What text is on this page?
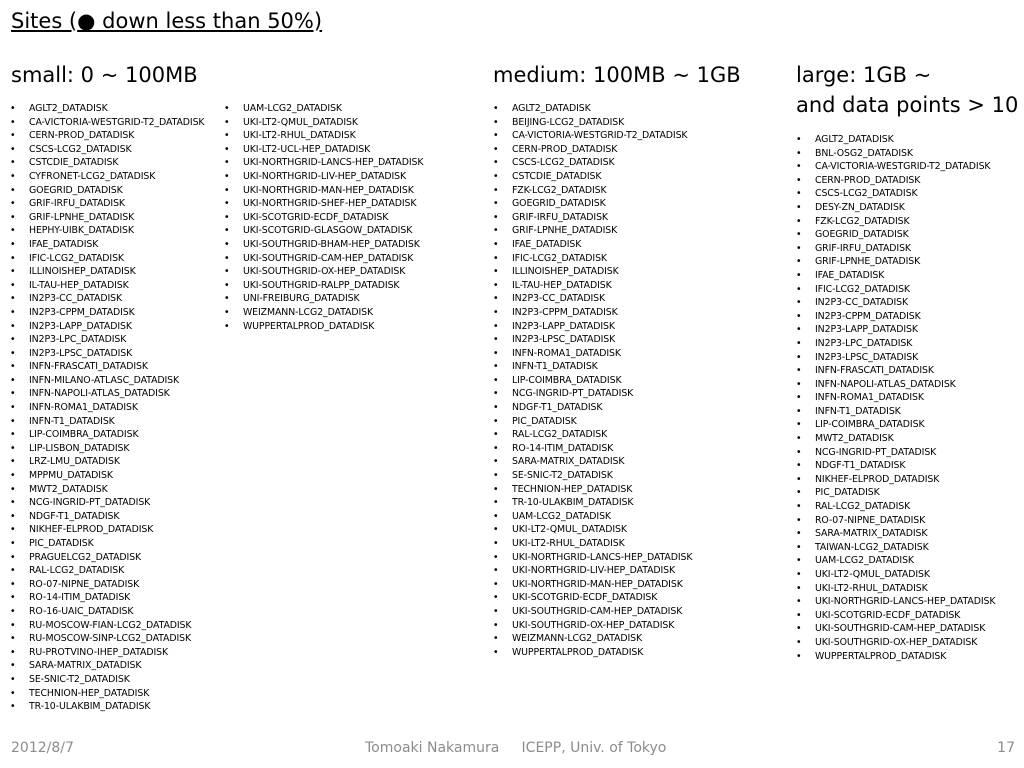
Sites (● down less than 50%)
small: 0 ~ 100MB	medium: 100MB ~ 1GB	large: 1GB ~
and data points > 10
• AGLT2_DATADISK
• CA-VICTORIA-WESTGRID-T2_DATADISK
• CERN-PROD_DATADISK
• CSCS-LCG2_DATADISK
• CSTCDIE_DATADISK
• CYFRONET-LCG2_DATADISK
• GOEGRID_DATADISK
• GRIF-IRFU_DATADISK
• GRIF-LPNHE_DATADISK
• HEPHY-UIBK_DATADISK
• IFAE_DATADISK
• IFIC-LCG2_DATADISK
• ILLINOISHEP_DATADISK
• IL-TAU-HEP_DATADISK
• IN2P3-CC_DATADISK
• IN2P3-CPPM_DATADISK
• IN2P3-LAPP_DATADISK
• IN2P3-LPC_DATADISK
• IN2P3-LPSC_DATADISK
• INFN-FRASCATI_DATADISK
• INFN-MILANO-ATLASC_DATADISK
• INFN-NAPOLI-ATLAS_DATADISK
• INFN-ROMA1_DATADISK
• INFN-T1_DATADISK
• LIP-COIMBRA_DATADISK
• LIP-LISBON_DATADISK
• LRZ-LMU_DATADISK
• MPPMU_DATADISK
• MWT2_DATADISK
• NCG-INGRID-PT_DATADISK
• NDGF-T1_DATADISK
• NIKHEF-ELPROD_DATADISK
• PIC_DATADISK
• PRAGUELCG2_DATADISK
• RAL-LCG2_DATADISK
• RO-07-NIPNE_DATADISK
• RO-14-ITIM_DATADISK
• RO-16-UAIC_DATADISK
• RU-MOSCOW-FIAN-LCG2_DATADISK
• RU-MOSCOW-SINP-LCG2_DATADISK
• RU-PROTVINO-IHEP_DATADISK
• SARA-MATRIX_DATADISK
• SE-SNIC-T2_DATADISK
• TECHNION-HEP_DATADISK
• TR-10-ULAKBIM_DATADISK
• UAM-LCG2_DATADISK
• UKI-LT2-QMUL_DATADISK
• UKI-LT2-RHUL_DATADISK
• UKI-LT2-UCL-HEP_DATADISK
• UKI-NORTHGRID-LANCS-HEP_DATADISK
• UKI-NORTHGRID-LIV-HEP_DATADISK
• UKI-NORTHGRID-MAN-HEP_DATADISK
• UKI-NORTHGRID-SHEF-HEP_DATADISK
• UKI-SCOTGRID-ECDF_DATADISK
• UKI-SCOTGRID-GLASGOW_DATADISK
• UKI-SOUTHGRID-BHAM-HEP_DATADISK
• UKI-SOUTHGRID-CAM-HEP_DATADISK
• UKI-SOUTHGRID-OX-HEP_DATADISK
• UKI-SOUTHGRID-RALPP_DATADISK
• UNI-FREIBURG_DATADISK
• WEIZMANN-LCG2_DATADISK
• WUPPERTALPROD_DATADISK
• AGLT2_DATADISK
• BEIJING-LCG2_DATADISK
• CA-VICTORIA-WESTGRID-T2_DATADISK
• CERN-PROD_DATADISK
• CSCS-LCG2_DATADISK
• CSTCDIE_DATADISK
• FZK-LCG2_DATADISK
• GOEGRID_DATADISK
• GRIF-IRFU_DATADISK
• GRIF-LPNHE_DATADISK
• IFAE_DATADISK
• IFIC-LCG2_DATADISK
• ILLINOISHEP_DATADISK
• IL-TAU-HEP_DATADISK
• IN2P3-CC_DATADISK
• IN2P3-CPPM_DATADISK
• IN2P3-LAPP_DATADISK
• IN2P3-LPSC_DATADISK
• INFN-ROMA1_DATADISK
• INFN-T1_DATADISK
• LIP-COIMBRA_DATADISK
• NCG-INGRID-PT_DATADISK
• NDGF-T1_DATADISK
• PIC_DATADISK
• RAL-LCG2_DATADISK
• RO-14-ITIM_DATADISK
• SARA-MATRIX_DATADISK
• SE-SNIC-T2_DATADISK
• TECHNION-HEP_DATADISK
• TR-10-ULAKBIM_DATADISK
• UAM-LCG2_DATADISK
• UKI-LT2-QMUL_DATADISK
• UKI-LT2-RHUL_DATADISK
• UKI-NORTHGRID-LANCS-HEP_DATADISK
• UKI-NORTHGRID-LIV-HEP_DATADISK
• UKI-NORTHGRID-MAN-HEP_DATADISK
• UKI-SCOTGRID-ECDF_DATADISK
• UKI-SOUTHGRID-CAM-HEP_DATADISK
• UKI-SOUTHGRID-OX-HEP_DATADISK
• WEIZMANN-LCG2_DATADISK
• WUPPERTALPROD_DATADISK
• AGLT2_DATADISK
• BNL-OSG2_DATADISK
• CA-VICTORIA-WESTGRID-T2_DATADISK
• CERN-PROD_DATADISK
• CSCS-LCG2_DATADISK
• DESY-ZN_DATADISK
• FZK-LCG2_DATADISK
• GOEGRID_DATADISK
• GRIF-IRFU_DATADISK
• GRIF-LPNHE_DATADISK
• IFAE_DATADISK
• IFIC-LCG2_DATADISK
• IN2P3-CC_DATADISK
• IN2P3-CPPM_DATADISK
• IN2P3-LAPP_DATADISK
• IN2P3-LPC_DATADISK
• IN2P3-LPSC_DATADISK
• INFN-FRASCATI_DATADISK
• INFN-NAPOLI-ATLAS_DATADISK
• INFN-ROMA1_DATADISK
• INFN-T1_DATADISK
• LIP-COIMBRA_DATADISK
• MWT2_DATADISK
• NCG-INGRID-PT_DATADISK
• NDGF-T1_DATADISK
• NIKHEF-ELPROD_DATADISK
• PIC_DATADISK
• RAL-LCG2_DATADISK
• RO-07-NIPNE_DATADISK
• SARA-MATRIX_DATADISK
• TAIWAN-LCG2_DATADISK
• UAM-LCG2_DATADISK
• UKI-LT2-QMUL_DATADISK
• UKI-LT2-RHUL_DATADISK
• UKI-NORTHGRID-LANCS-HEP_DATADISK
• UKI-SCOTGRID-ECDF_DATADISK
• UKI-SOUTHGRID-CAM-HEP_DATADISK
• UKI-SOUTHGRID-OX-HEP_DATADISK
• WUPPERTALPROD_DATADISK
2012/8/7	Tomoaki Nakamura     ICEPP, Univ. of Tokyo	17
